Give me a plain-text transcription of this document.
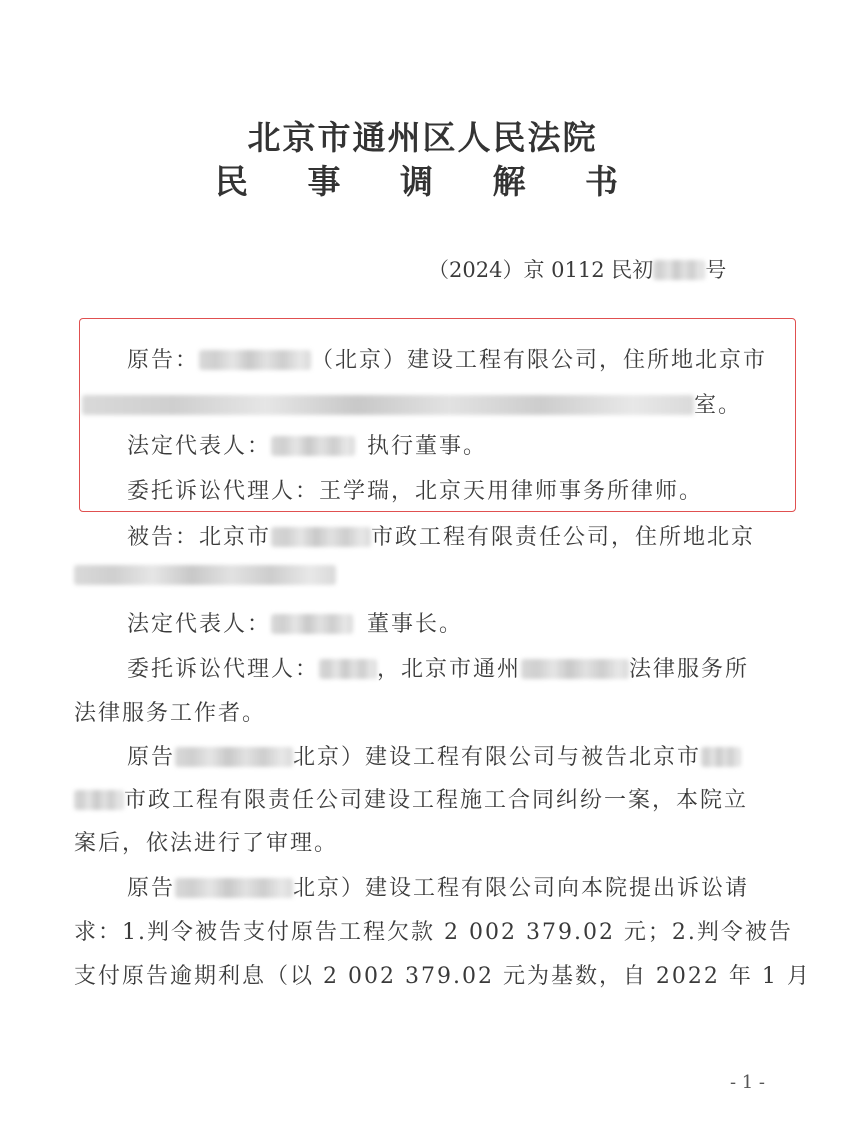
北京市通州区人民法院
民 事 调 解 书
（2024）京 0112 民初 号
原告：	（北京）建设工程有限公司，住所地北京市
室。
法定代表人：	执行董事。
委托诉讼代理人：王学瑞，北京天用律师事务所律师。
被告：北京市	市政工程有限责任公司，住所地北京
法定代表人：	董事长。
委托诉讼代理人：	，北京市通州	法律服务所
法律服务工作者。
原告	北京）建设工程有限公司与被告北京市
市政工程有限责任公司建设工程施工合同纠纷一案，本院立
案后，依法进行了审理。
原告	北京）建设工程有限公司向本院提出诉讼请
求：1.判令被告支付原告工程欠款 2 002 379.02 元；2.判令被告
支付原告逾期利息（以 2 002 379.02 元为基数，自 2022 年 1 月
- 1 -
